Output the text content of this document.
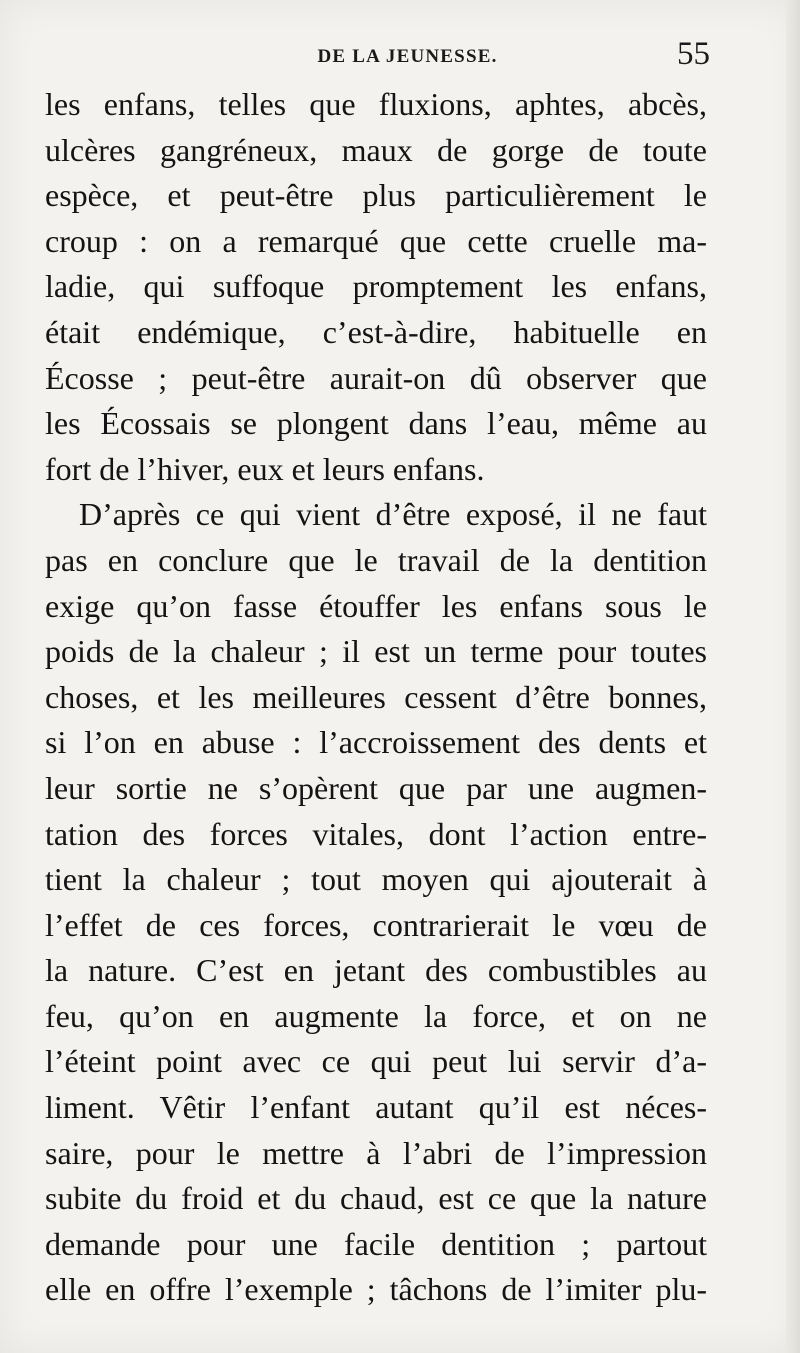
DE LA JEUNESSE.	55
les enfans, telles que fluxions, aphtes, abcès,
ulcères gangréneux, maux de gorge de toute
espèce, et peut-être plus particulièrement le
croup : on a remarqué que cette cruelle ma-
ladie, qui suffoque promptement les enfans,
était endémique, c’est-à-dire, habituelle en
Écosse ; peut-être aurait-on dû observer que
les Écossais se plongent dans l’eau, même au
fort de l’hiver, eux et leurs enfans.
D’après ce qui vient d’être exposé, il ne faut
pas en conclure que le travail de la dentition
exige qu’on fasse étouffer les enfans sous le
poids de la chaleur ; il est un terme pour toutes
choses, et les meilleures cessent d’être bonnes,
si l’on en abuse : l’accroissement des dents et
leur sortie ne s’opèrent que par une augmen-
tation des forces vitales, dont l’action entre-
tient la chaleur ; tout moyen qui ajouterait à
l’effet de ces forces, contrarierait le vœu de
la nature. C’est en jetant des combustibles au
feu, qu’on en augmente la force, et on ne
l’éteint point avec ce qui peut lui servir d’a-
liment. Vêtir l’enfant autant qu’il est néces-
saire, pour le mettre à l’abri de l’impression
subite du froid et du chaud, est ce que la nature
demande pour une facile dentition ; partout
elle en offre l’exemple ; tâchons de l’imiter plu-
